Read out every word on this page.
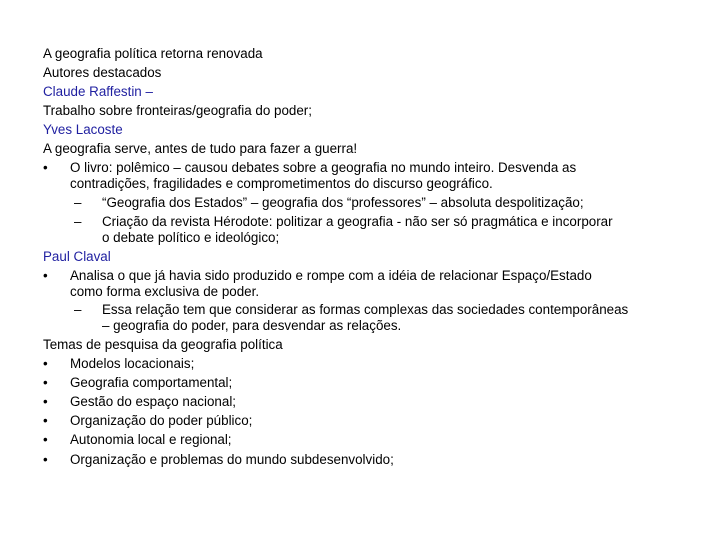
A geografia política retorna renovada
Autores destacados
Claude Raffestin –
Trabalho sobre fronteiras/geografia do poder;
Yves Lacoste
A geografia serve, antes de tudo para fazer a guerra!
• O livro: polêmico – causou debates sobre a geografia no mundo inteiro. Desvenda as
contradições, fragilidades e comprometimentos do discurso geográfico.
– “Geografia dos Estados” – geografia dos “professores” – absoluta despolitização;
– Criação da revista Hérodote: politizar a geografia - não ser só pragmática e incorporar
o debate político e ideológico;
Paul Claval
• Analisa o que já havia sido produzido e rompe com a idéia de relacionar Espaço/Estado
como forma exclusiva de poder.
– Essa relação tem que considerar as formas complexas das sociedades contemporâneas
– geografia do poder, para desvendar as relações.
Temas de pesquisa da geografia política
• Modelos locacionais;
• Geografia comportamental;
• Gestão do espaço nacional;
• Organização do poder público;
• Autonomia local e regional;
• Organização e problemas do mundo subdesenvolvido;
